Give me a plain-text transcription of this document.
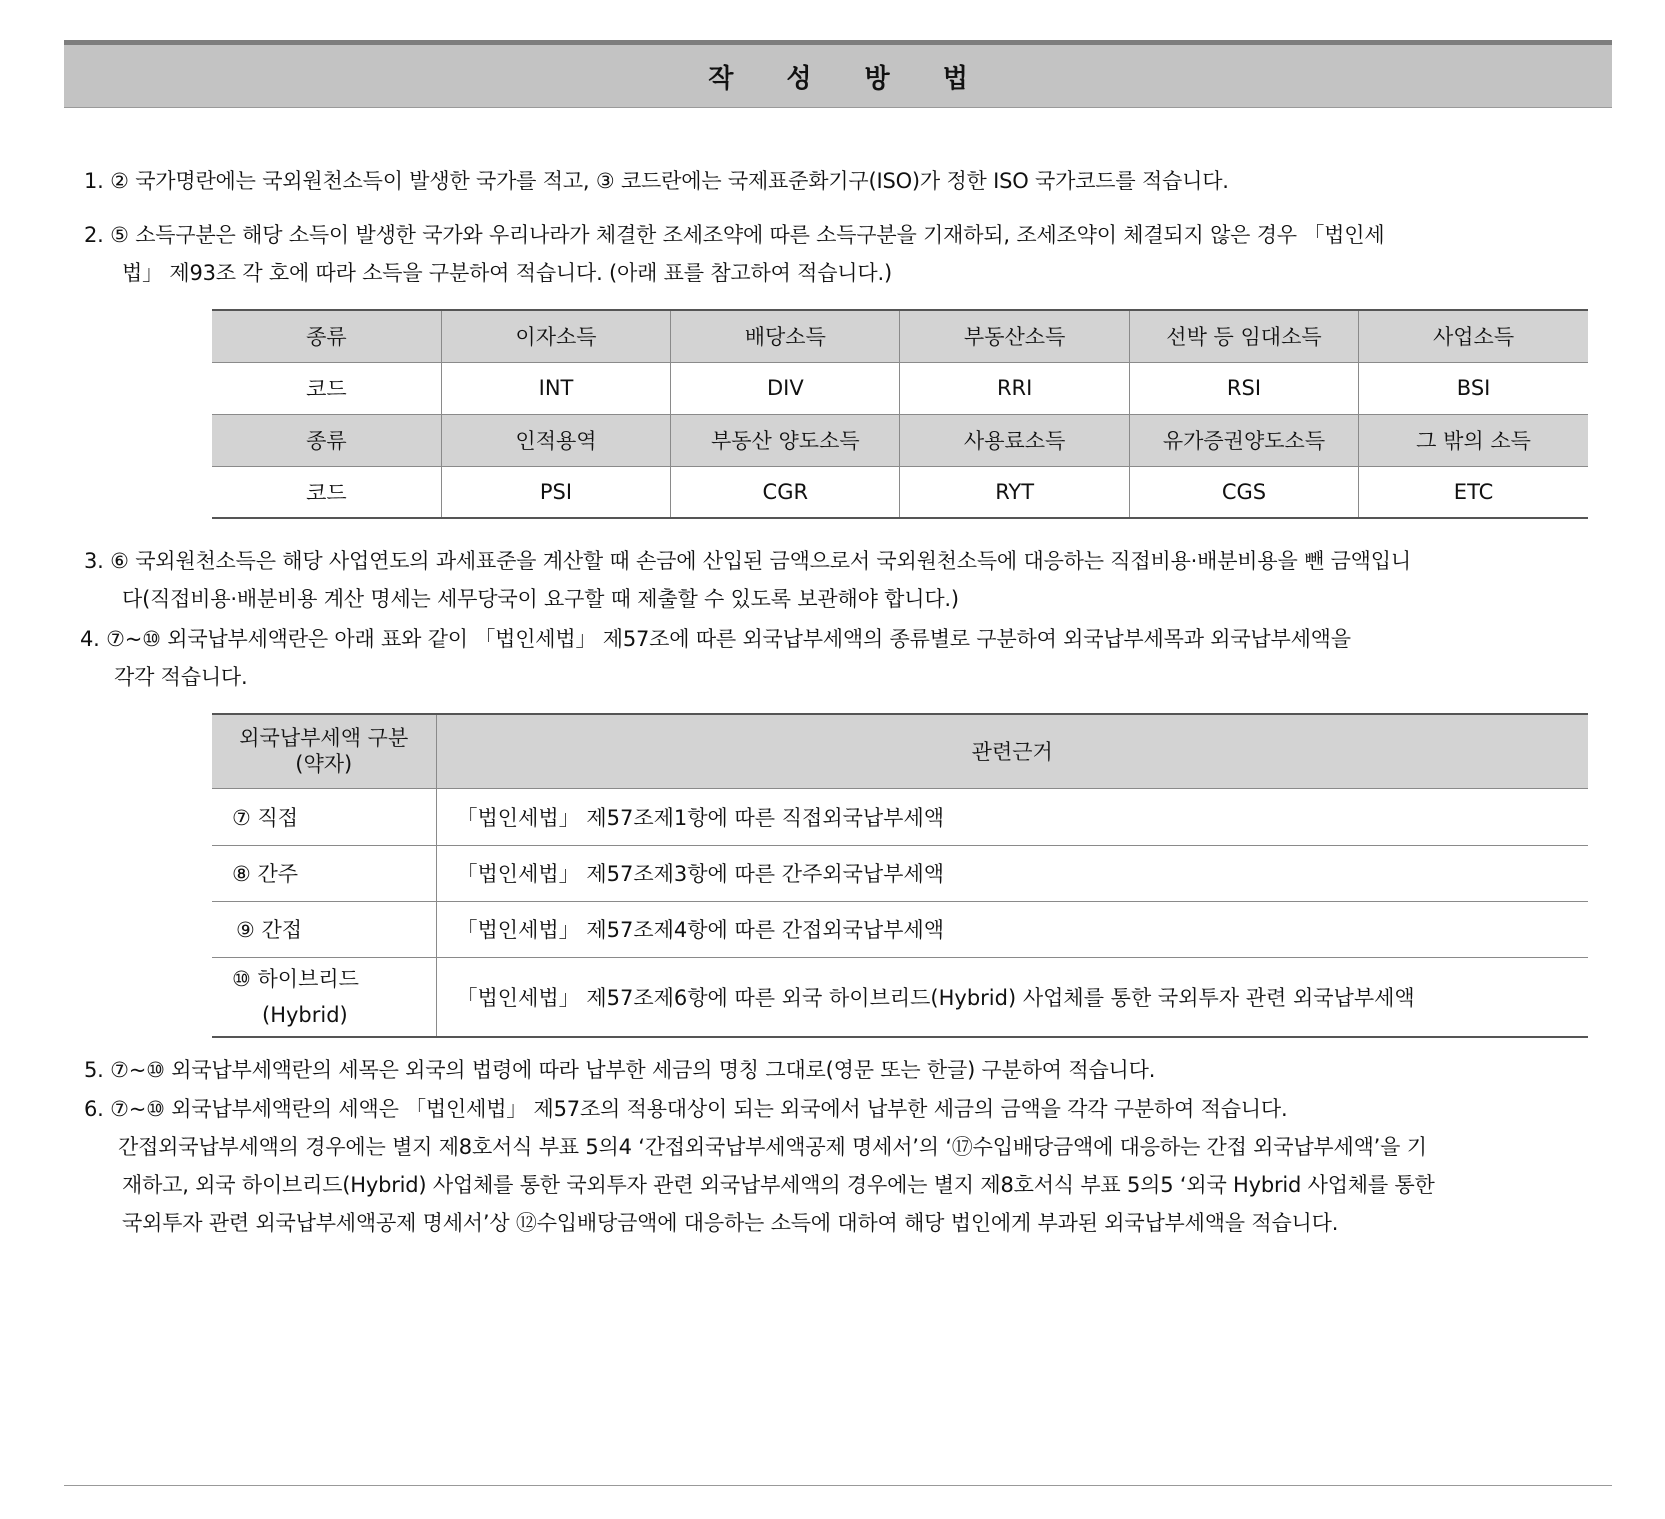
작 성 방 법
1. ② 국가명란에는 국외원천소득이 발생한 국가를 적고, ③ 코드란에는 국제표준화기구(ISO)가 정한 ISO 국가코드를 적습니다.
2. ⑤ 소득구분은 해당 소득이 발생한 국가와 우리나라가 체결한 조세조약에 따른 소득구분을 기재하되, 조세조약이 체결되지 않은 경우 「법인세
법」 제93조 각 호에 따라 소득을 구분하여 적습니다. (아래 표를 참고하여 적습니다.)
종류	이자소득	배당소득	부동산소득	선박 등 임대소득	사업소득
코드	INT	DIV	RRI	RSI	BSI
종류	인적용역	부동산 양도소득	사용료소득	유가증권양도소득	그 밖의 소득
코드	PSI	CGR	RYT	CGS	ETC
3. ⑥ 국외원천소득은 해당 사업연도의 과세표준을 계산할 때 손금에 산입된 금액으로서 국외원천소득에 대응하는 직접비용·배분비용을 뺀 금액입니
다(직접비용·배분비용 계산 명세는 세무당국이 요구할 때 제출할 수 있도록 보관해야 합니다.)
4. ⑦~⑩ 외국납부세액란은 아래 표와 같이 「법인세법」 제57조에 따른 외국납부세액의 종류별로 구분하여 외국납부세목과 외국납부세액을
각각 적습니다.
외국납부세액 구분
(약자)	관련근거
⑦ 직접	「법인세법」 제57조제1항에 따른 직접외국납부세액
⑧ 간주	「법인세법」 제57조제3항에 따른 간주외국납부세액
⑨ 간접	「법인세법」 제57조제4항에 따른 간접외국납부세액

⑩ 하이브리드
(Hybrid)	「법인세법」 제57조제6항에 따른 외국 하이브리드(Hybrid) 사업체를 통한 국외투자 관련 외국납부세액
5. ⑦~⑩ 외국납부세액란의 세목은 외국의 법령에 따라 납부한 세금의 명칭 그대로(영문 또는 한글) 구분하여 적습니다.
6. ⑦~⑩ 외국납부세액란의 세액은 「법인세법」 제57조의 적용대상이 되는 외국에서 납부한 세금의 금액을 각각 구분하여 적습니다.
간접외국납부세액의 경우에는 별지 제8호서식 부표 5의4 ‘간접외국납부세액공제 명세서’의 ‘⑰수입배당금액에 대응하는 간접 외국납부세액’을 기
재하고, 외국 하이브리드(Hybrid) 사업체를 통한 국외투자 관련 외국납부세액의 경우에는 별지 제8호서식 부표 5의5 ‘외국 Hybrid 사업체를 통한
국외투자 관련 외국납부세액공제 명세서’상 ⑫수입배당금액에 대응하는 소득에 대하여 해당 법인에게 부과된 외국납부세액을 적습니다.
